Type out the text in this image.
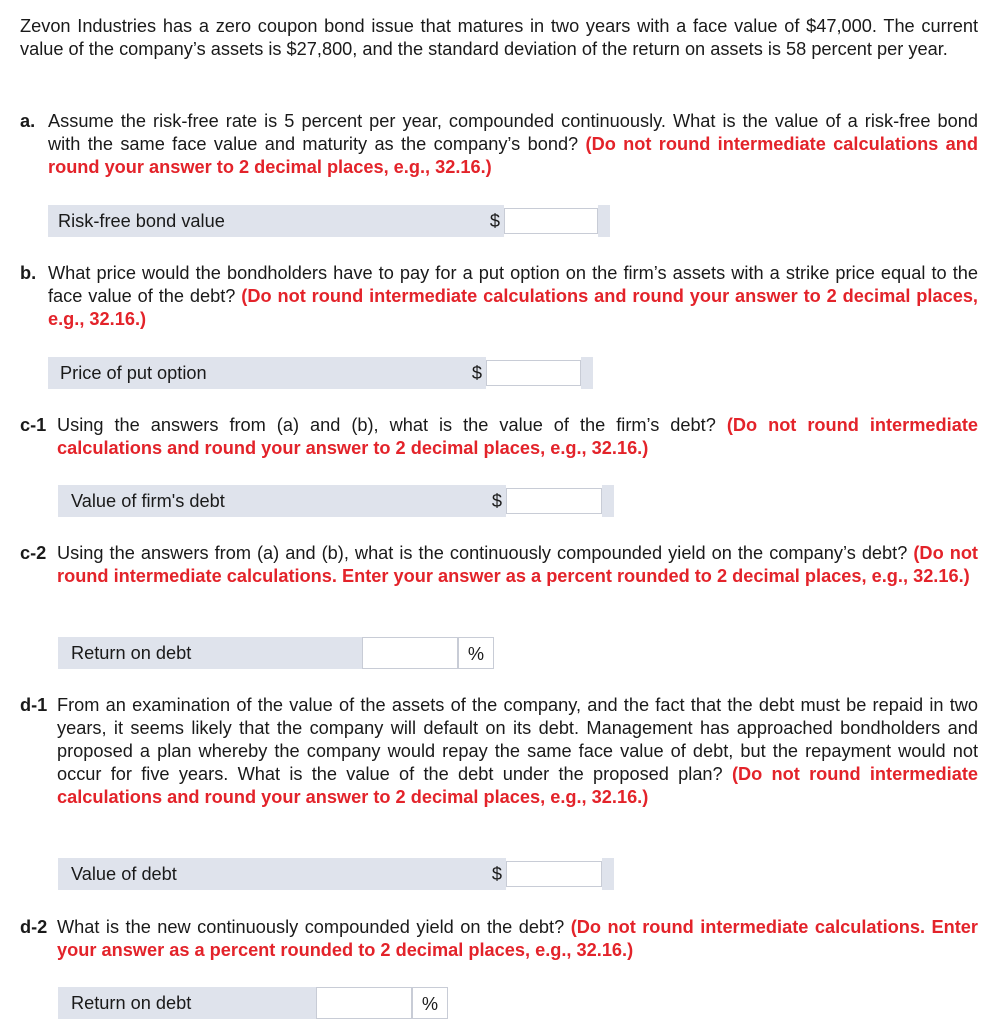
Zevon Industries has a zero coupon bond issue that matures in two years with a face value of $47,000. The current value of the company’s assets is $27,800, and the standard deviation of the return on assets is 58 percent per year.
a. Assume the risk-free rate is 5 percent per year, compounded continuously. What is the value of a risk-free bond with the same face value and maturity as the company’s bond? (Do not round intermediate calculations and round your answer to 2 decimal places, e.g., 32.16.)
Risk-free bond value	$
b. What price would the bondholders have to pay for a put option on the firm’s assets with a strike price equal to the face value of the debt? (Do not round intermediate calculations and round your answer to 2 decimal places, e.g., 32.16.)
Price of put option	$
c-1 Using the answers from (a) and (b), what is the value of the firm’s debt? (Do not round intermediate calculations and round your answer to 2 decimal places, e.g., 32.16.)
Value of firm's debt	$
c-2 Using the answers from (a) and (b), what is the continuously compounded yield on the company’s debt? (Do not round intermediate calculations. Enter your answer as a percent rounded to 2 decimal places, e.g., 32.16.)
Return on debt	%
d-1 From an examination of the value of the assets of the company, and the fact that the debt must be repaid in two years, it seems likely that the company will default on its debt. Management has approached bondholders and proposed a plan whereby the company would repay the same face value of debt, but the repayment would not occur for five years. What is the value of the debt under the proposed plan? (Do not round intermediate calculations and round your answer to 2 decimal places, e.g., 32.16.)
Value of debt	$
d-2 What is the new continuously compounded yield on the debt? (Do not round intermediate calculations. Enter your answer as a percent rounded to 2 decimal places, e.g., 32.16.)
Return on debt	%
